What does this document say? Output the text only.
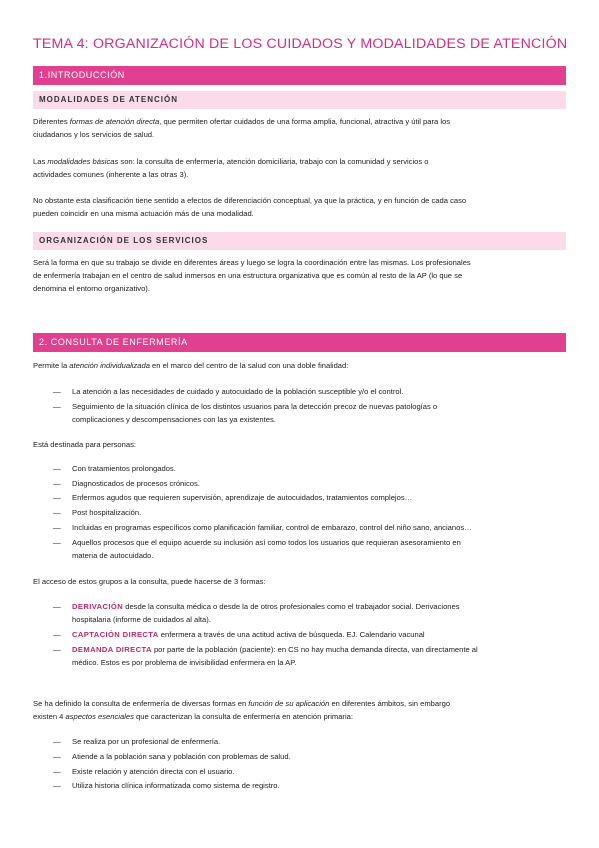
TEMA 4: ORGANIZACIÓN DE LOS CUIDADOS Y MODALIDADES DE ATENCIÓN
1.INTRODUCCIÓN
MODALIDADES DE ATENCIÓN

Diferentes formas de atención directa, que permiten ofertar cuidados de una forma amplia, funcional, atractiva y útil para los
ciudadanos y los servicios de salud.

Las modalidades básicas son: la consulta de enfermería, atención domiciliaria, trabajo con la comunidad y servicios o
actividades comunes (inherente a las otras 3).

No obstante esta clasificación tiene sentido a efectos de diferenciación conceptual, ya que la práctica, y en función de cada caso
pueden coincidir en una misma actuación más de una modalidad.

ORGANIZACIÓN DE LOS SERVICIOS

Será la forma en que su trabajo se divide en diferentes áreas y luego se logra la coordinación entre las mismas. Los profesionales
de enfermería trabajan en el centro de salud inmersos en una estructura organizativa que es común al resto de la AP (lo que se
denomina el entorno organizativo).

2. CONSULTA DE ENFERMERÍA

Permite la atención individualizada en el marco del centro de la salud con una doble finalidad:

—	La atención a las necesidades de cuidado y autocuidado de la población susceptible y/o el control.
—	Seguimiento de la situación clínica de los distintos usuarios para la detección precoz de nuevas patologías o
complicaciones y descompensaciones con las ya existentes.

Está destinada para personas:

—	Con tratamientos prolongados.
—	Diagnosticados de procesos crónicos.
—	Enfermos agudos que requieren supervisión, aprendizaje de autocuidados, tratamientos complejos…
—	Post hospitalización.
—	Incluidas en programas específicos como planificación familiar, control de embarazo, control del niño sano, ancianos…
—	Aquellos procesos que el equipo acuerde su inclusión así como todos los usuarios que requieran asesoramiento en
materia de autocuidado.

El acceso de estos grupos a la consulta, puede hacerse de 3 formas:

—	DERIVACIÓN desde la consulta médica o desde la de otros profesionales como el trabajador social. Derivaciones
hospitalaria (informe de cuidados al alta).
—	CAPTACIÓN DIRECTA enfermera a través de una actitud activa de búsqueda. EJ. Calendario vacunal
—	DEMANDA DIRECTA por parte de la población (paciente): en CS no hay mucha demanda directa, van directamente al
médico. Estos es por problema de invisibilidad enfermera en la AP.

Se ha definido la consulta de enfermería de diversas formas en función de su aplicación en diferentes ámbitos, sin embargo
existen 4 aspectos esenciales que caracterizan la consulta de enfermería en atención primaria:

—	Se realiza por un profesional de enfermería.
—	Atiende a la población sana y población con problemas de salud.
—	Existe relación y atención directa con el usuario.
—	Utiliza historia clínica informatizada como sistema de registro.
